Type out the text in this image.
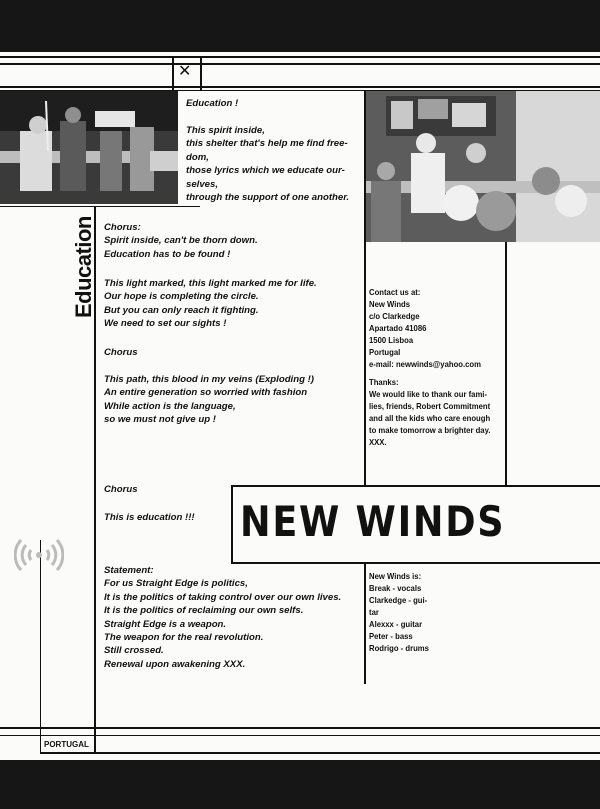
✕
Education !
This spirit inside,
this shelter that's help me find free-
dom,
those lyrics which we educate our-
selves,
through the support of one another.
Chorus:
Spirit inside, can't be thorn down.
Education has to be found !
Education This light marked, this light marked me for life.
Our hope is completing the circle.
But you can only reach it fighting.
We need to set our sights !
Chorus
This path, this blood in my veins (Exploding !)
An entire generation so worried with fashion
While action is the language,
so we must not give up !
Chorus
This is education !!!
Statement:
For us Straight Edge is politics,
It is the politics of taking control over our own lives.
It is the politics of reclaiming our own selfs.
Straight Edge is a weapon.
The weapon for the real revolution.
Still crossed.
Renewal upon awakening XXX.
Contact us at:
New Winds
c/o Clarkedge
Apartado 41086
1500 Lisboa
Portugal
e-mail: newwinds@yahoo.com
Thanks:
We would like to thank our fami-
lies, friends, Robert Commitment
and all the kids who care enough
to make tomorrow a brighter day.
XXX.
NEW WINDS
New Winds is:
Break - vocals
Clarkedge - gui-
tar
Alexxx - guitar
Peter - bass
Rodrigo - drums
PORTUGAL
